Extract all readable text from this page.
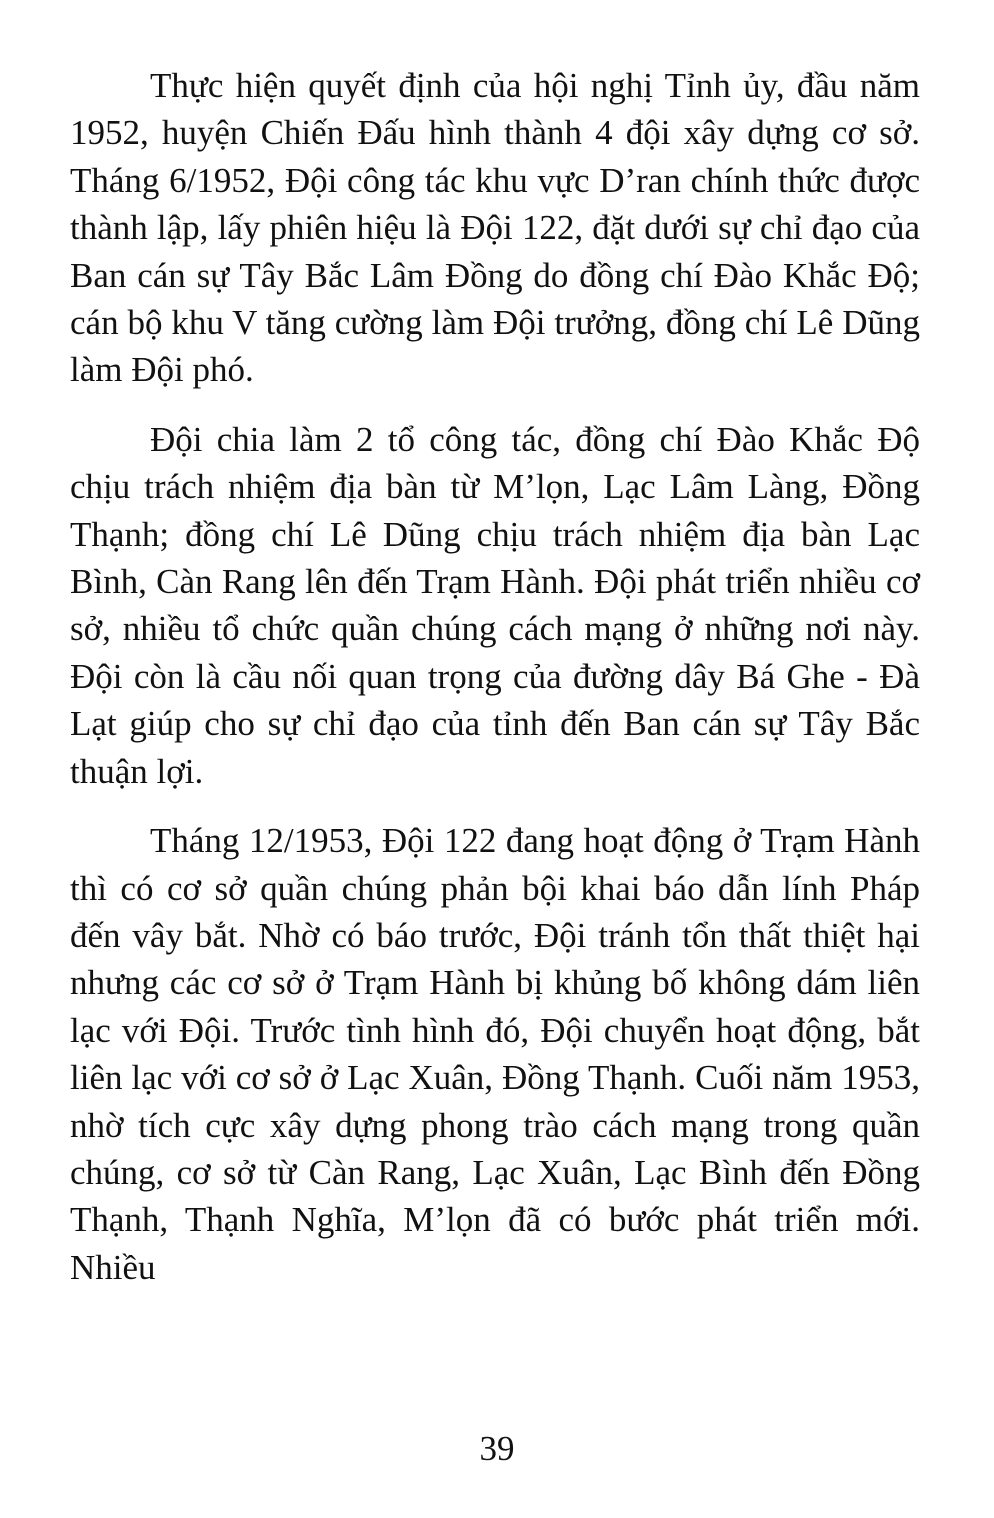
Thực hiện quyết định của hội nghị Tỉnh ủy, đầu năm 1952, huyện Chiến Đấu hình thành 4 đội xây dựng cơ sở. Tháng 6/1952, Đội công tác khu vực D’ran chính thức được thành lập, lấy phiên hiệu là Đội 122, đặt dưới sự chỉ đạo của Ban cán sự Tây Bắc Lâm Đồng do đồng chí Đào Khắc Độ; cán bộ khu V tăng cường làm Đội trưởng, đồng chí Lê Dũng làm Đội phó.

Đội chia làm 2 tổ công tác, đồng chí Đào Khắc Độ chịu trách nhiệm địa bàn từ M’lọn, Lạc Lâm Làng, Đồng Thạnh; đồng chí Lê Dũng chịu trách nhiệm địa bàn Lạc Bình, Càn Rang lên đến Trạm Hành. Đội phát triển nhiều cơ sở, nhiều tổ chức quần chúng cách mạng ở những nơi này. Đội còn là cầu nối quan trọng của đường dây Bá Ghe - Đà Lạt giúp cho sự chỉ đạo của tỉnh đến Ban cán sự Tây Bắc thuận lợi.

Tháng 12/1953, Đội 122 đang hoạt động ở Trạm Hành thì có cơ sở quần chúng phản bội khai báo dẫn lính Pháp đến vây bắt. Nhờ có báo trước, Đội tránh tổn thất thiệt hại nhưng các cơ sở ở Trạm Hành bị khủng bố không dám liên lạc với Đội. Trước tình hình đó, Đội chuyển hoạt động, bắt liên lạc với cơ sở ở Lạc Xuân, Đồng Thạnh. Cuối năm 1953, nhờ tích cực xây dựng phong trào cách mạng trong quần chúng, cơ sở từ Càn Rang, Lạc Xuân, Lạc Bình đến Đồng Thạnh, Thạnh Nghĩa, M’lọn đã có bước phát triển mới. Nhiều

39
